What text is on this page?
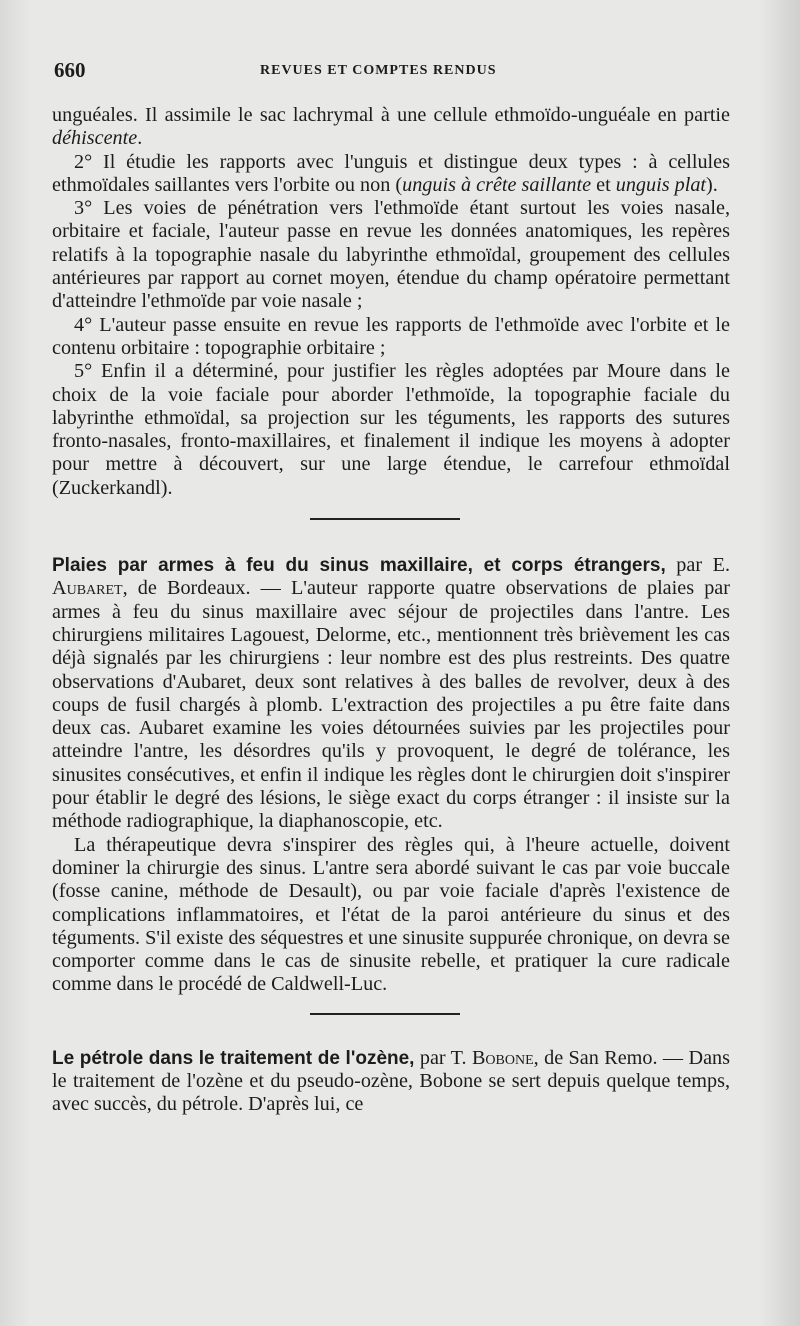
660	REVUES ET COMPTES RENDUS

unguéales. Il assimile le sac lachrymal à une cellule ethmoïdo-unguéale en partie déhiscente.

2° Il étudie les rapports avec l'unguis et distingue deux types : à cellules ethmoïdales saillantes vers l'orbite ou non (unguis à crête saillante et unguis plat).

3° Les voies de pénétration vers l'ethmoïde étant surtout les voies nasale, orbitaire et faciale, l'auteur passe en revue les données anatomiques, les repères relatifs à la topographie nasale du labyrinthe ethmoïdal, groupement des cellules antérieures par rapport au cornet moyen, étendue du champ opératoire permettant d'atteindre l'ethmoïde par voie nasale ;

4° L'auteur passe ensuite en revue les rapports de l'ethmoïde avec l'orbite et le contenu orbitaire : topographie orbitaire ;

5° Enfin il a déterminé, pour justifier les règles adoptées par Moure dans le choix de la voie faciale pour aborder l'ethmoïde, la topographie faciale du labyrinthe ethmoïdal, sa projection sur les téguments, les rapports des sutures fronto-nasales, fronto-maxillaires, et finalement il indique les moyens à adopter pour mettre à découvert, sur une large étendue, le carrefour ethmoïdal (Zuckerkandl).

Plaies par armes à feu du sinus maxillaire, et corps étrangers, par E. Aubaret, de Bordeaux. — L'auteur rapporte quatre observations de plaies par armes à feu du sinus maxillaire avec séjour de projectiles dans l'antre. Les chirurgiens militaires Lagouest, Delorme, etc., mentionnent très brièvement les cas déjà signalés par les chirurgiens : leur nombre est des plus restreints. Des quatre observations d'Aubaret, deux sont relatives à des balles de revolver, deux à des coups de fusil chargés à plomb. L'extraction des projectiles a pu être faite dans deux cas. Aubaret examine les voies détournées suivies par les projectiles pour atteindre l'antre, les désordres qu'ils y provoquent, le degré de tolérance, les sinusites consécutives, et enfin il indique les règles dont le chirurgien doit s'inspirer pour établir le degré des lésions, le siège exact du corps étranger : il insiste sur la méthode radiographique, la diaphanoscopie, etc.

La thérapeutique devra s'inspirer des règles qui, à l'heure actuelle, doivent dominer la chirurgie des sinus. L'antre sera abordé suivant le cas par voie buccale (fosse canine, méthode de Desault), ou par voie faciale d'après l'existence de complications inflammatoires, et l'état de la paroi antérieure du sinus et des téguments. S'il existe des séquestres et une sinusite suppurée chronique, on devra se comporter comme dans le cas de sinusite rebelle, et pratiquer la cure radicale comme dans le procédé de Caldwell-Luc.

Le pétrole dans le traitement de l'ozène, par T. Bobone, de San Remo. — Dans le traitement de l'ozène et du pseudo-ozène, Bobone se sert depuis quelque temps, avec succès, du pétrole. D'après lui, ce
